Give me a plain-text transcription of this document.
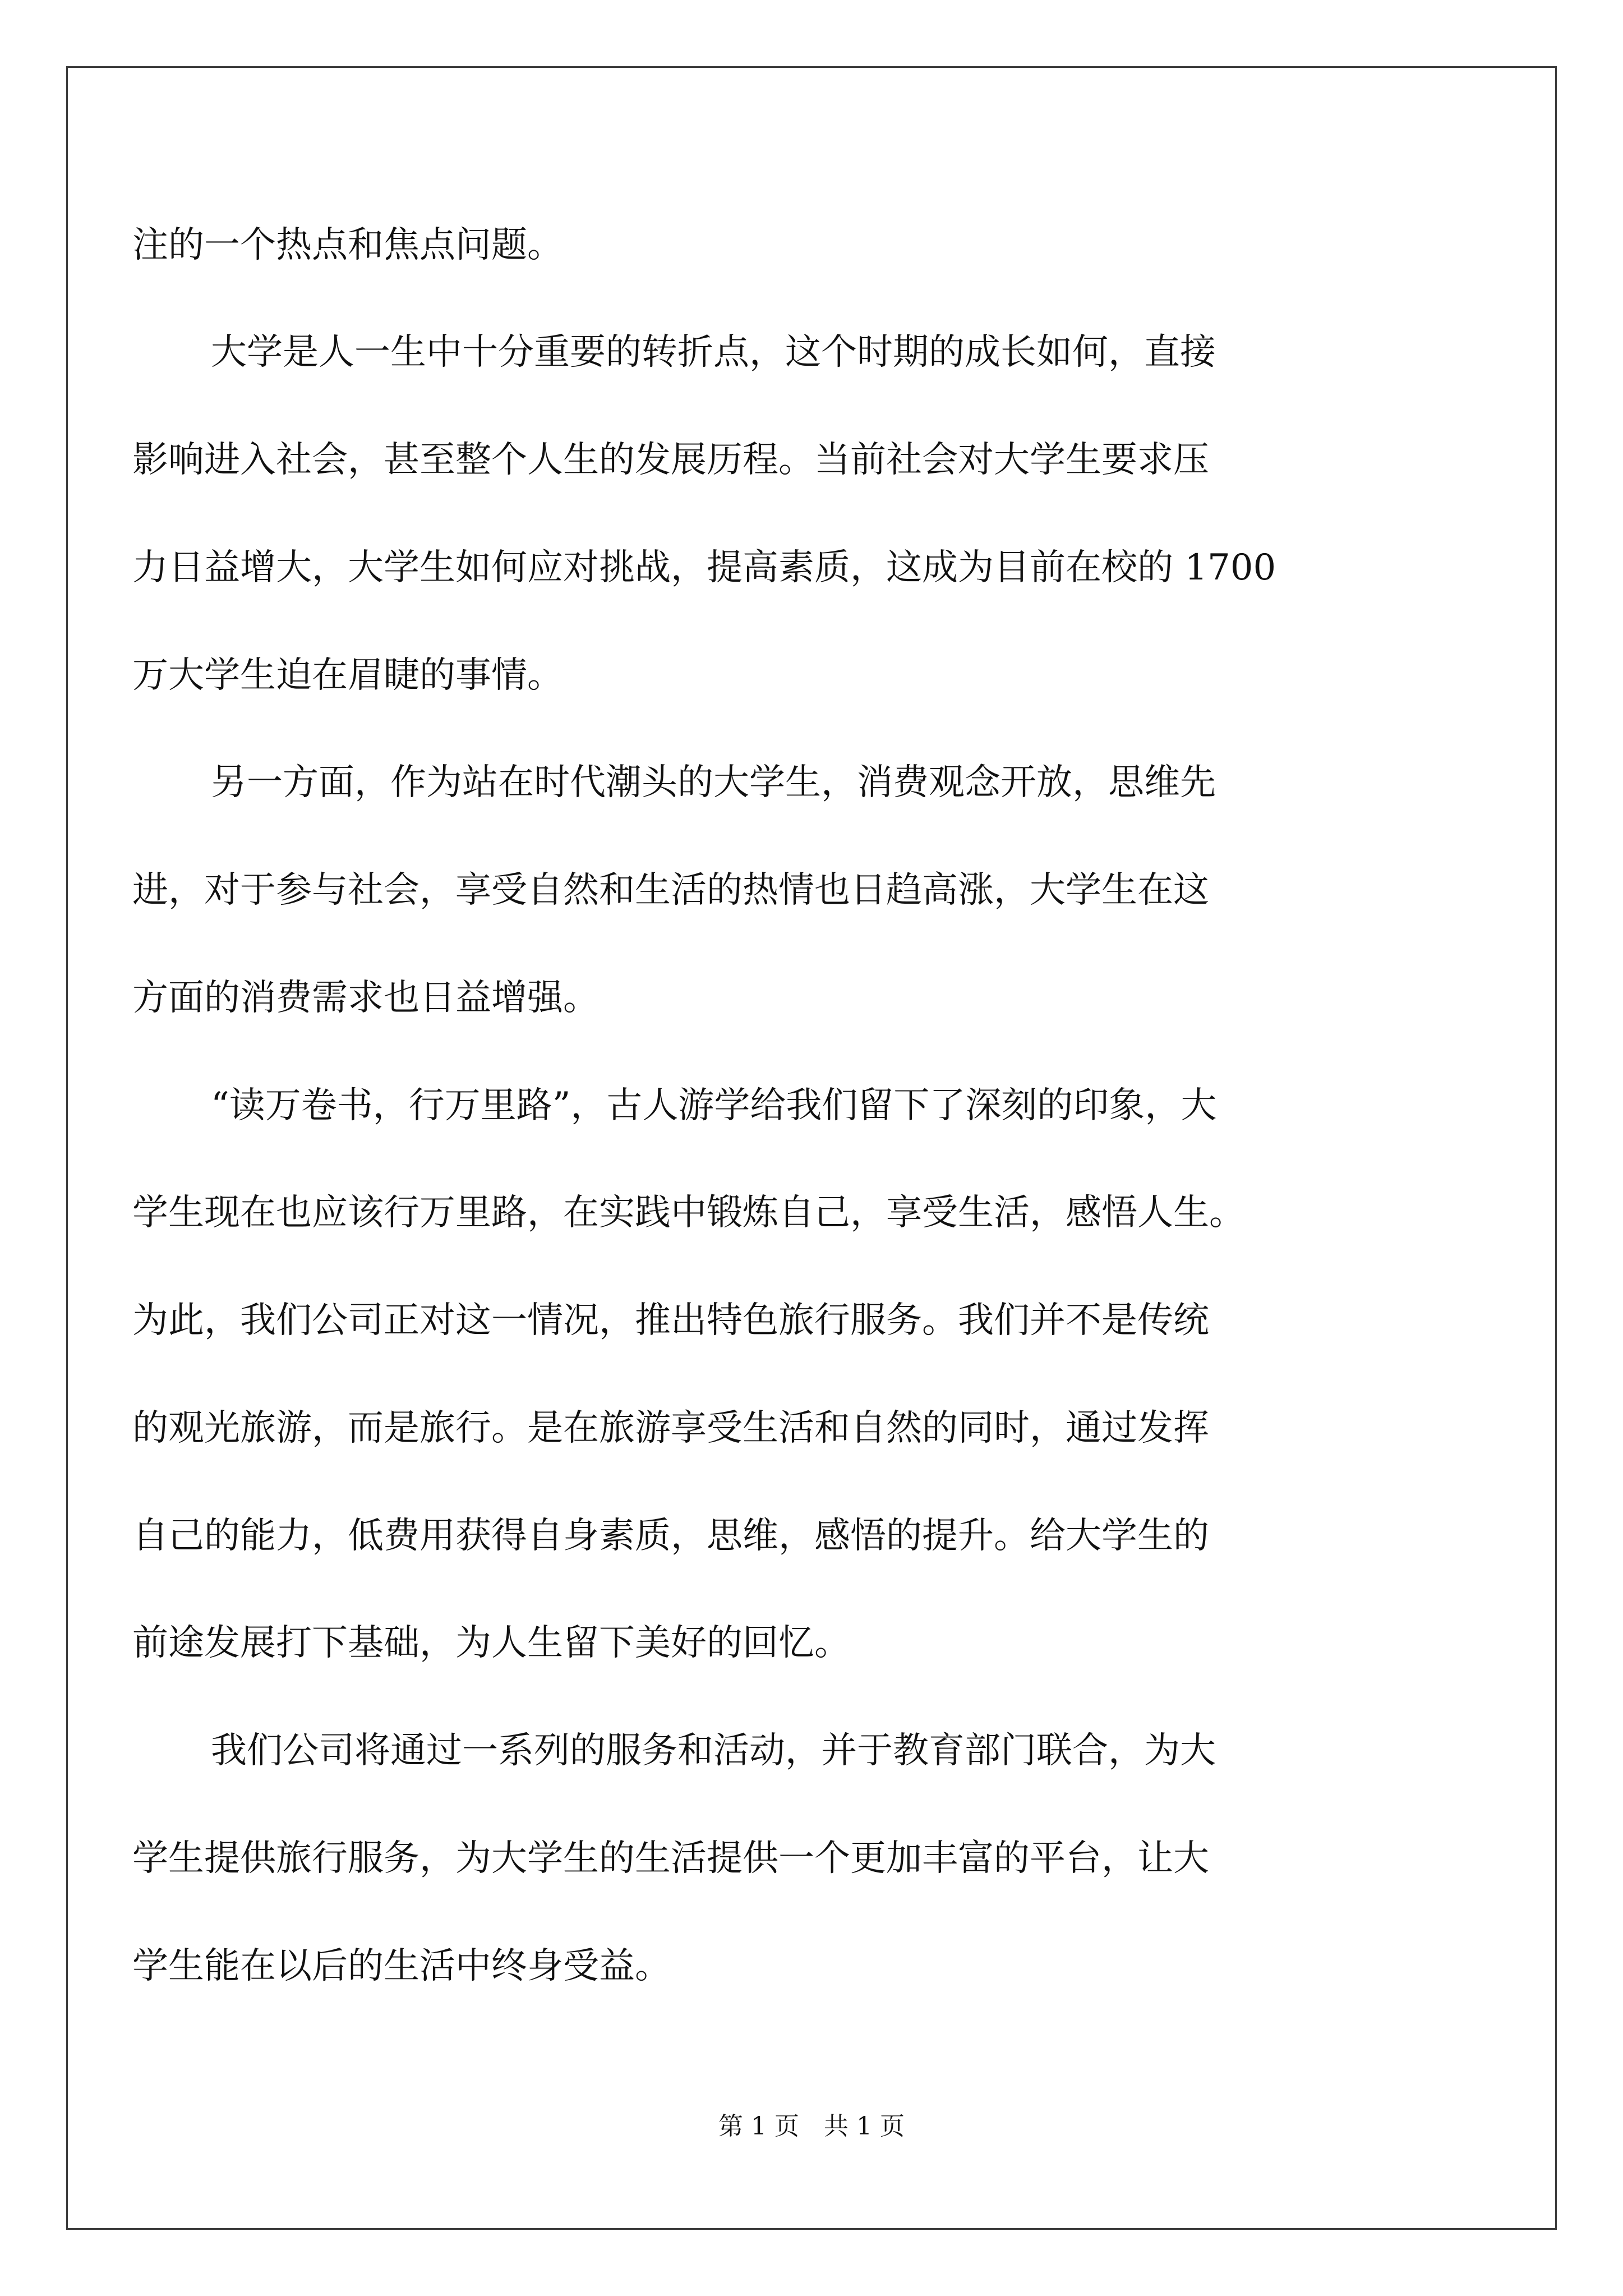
注的一个热点和焦点问题。
大学是人一生中十分重要的转折点，这个时期的成长如何，直接
影响进入社会，甚至整个人生的发展历程。当前社会对大学生要求压
力日益增大，大学生如何应对挑战，提高素质，这成为目前在校的 1700
万大学生迫在眉睫的事情。
另一方面，作为站在时代潮头的大学生，消费观念开放，思维先
进，对于参与社会，享受自然和生活的热情也日趋高涨，大学生在这
方面的消费需求也日益增强。
“读万卷书，行万里路”，古人游学给我们留下了深刻的印象，大
学生现在也应该行万里路，在实践中锻炼自己，享受生活，感悟人生。
为此，我们公司正对这一情况，推出特色旅行服务。我们并不是传统
的观光旅游，而是旅行。是在旅游享受生活和自然的同时，通过发挥
自己的能力，低费用获得自身素质，思维，感悟的提升。给大学生的
前途发展打下基础，为人生留下美好的回忆。
我们公司将通过一系列的服务和活动，并于教育部门联合，为大
学生提供旅行服务，为大学生的生活提供一个更加丰富的平台，让大
学生能在以后的生活中终身受益。
第 1 页　共 1 页
